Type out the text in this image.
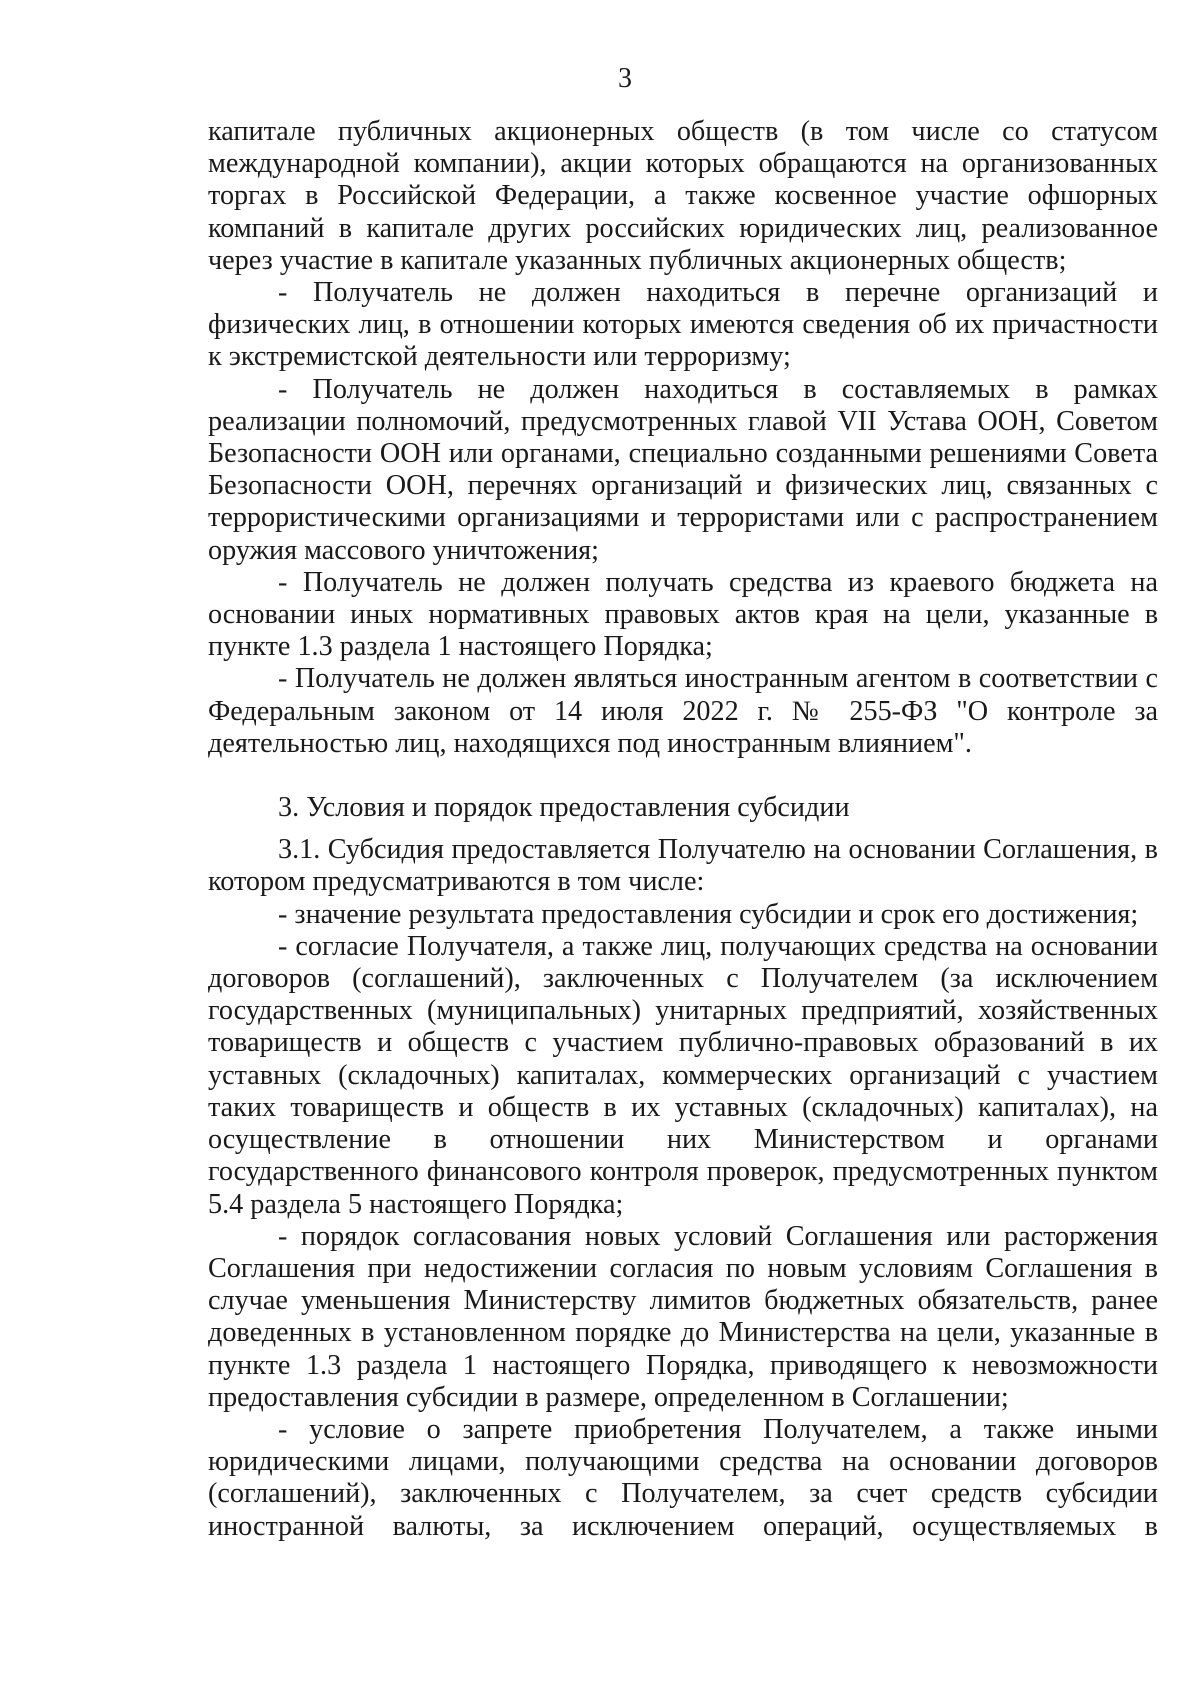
3

капитале публичных акционерных обществ (в том числе со статусом международной компании), акции которых обращаются на организованных торгах в Российской Федерации, а также косвенное участие офшорных компаний в капитале других российских юридических лиц, реализованное через участие в капитале указанных публичных акционерных обществ;

- Получатель не должен находиться в перечне организаций и физических лиц, в отношении которых имеются сведения об их причастности к экстремистской деятельности или терроризму;

- Получатель не должен находиться в составляемых в рамках реализации полномочий, предусмотренных главой VII Устава ООН, Советом Безопасности ООН или органами, специально созданными решениями Совета Безопасности ООН, перечнях организаций и физических лиц, связанных с террористическими организациями и террористами или с распространением оружия массового уничтожения;

- Получатель не должен получать средства из краевого бюджета на основании иных нормативных правовых актов края на цели, указанные в пункте 1.3 раздела 1 настоящего Порядка;

- Получатель не должен являться иностранным агентом в соответствии с Федеральным законом от 14 июля 2022 г. № 255-ФЗ "О контроле за деятельностью лиц, находящихся под иностранным влиянием".

3. Условия и порядок предоставления субсидии

3.1. Субсидия предоставляется Получателю на основании Соглашения, в котором предусматриваются в том числе:

- значение результата предоставления субсидии и срок его достижения;

- согласие Получателя, а также лиц, получающих средства на основании договоров (соглашений), заключенных с Получателем (за исключением государственных (муниципальных) унитарных предприятий, хозяйственных товариществ и обществ с участием публично-правовых образований в их уставных (складочных) капиталах, коммерческих организаций с участием таких товариществ и обществ в их уставных (складочных) капиталах), на осуществление в отношении них Министерством и органами государственного финансового контроля проверок, предусмотренных пунктом 5.4 раздела 5 настоящего Порядка;

- порядок согласования новых условий Соглашения или расторжения Соглашения при недостижении согласия по новым условиям Соглашения в случае уменьшения Министерству лимитов бюджетных обязательств, ранее доведенных в установленном порядке до Министерства на цели, указанные в пункте 1.3 раздела 1 настоящего Порядка, приводящего к невозможности предоставления субсидии в размере, определенном в Соглашении;

- условие о запрете приобретения Получателем, а также иными юридическими лицами, получающими средства на основании договоров (соглашений), заключенных с Получателем, за счет средств субсидии иностранной валюты, за исключением операций, осуществляемых в
